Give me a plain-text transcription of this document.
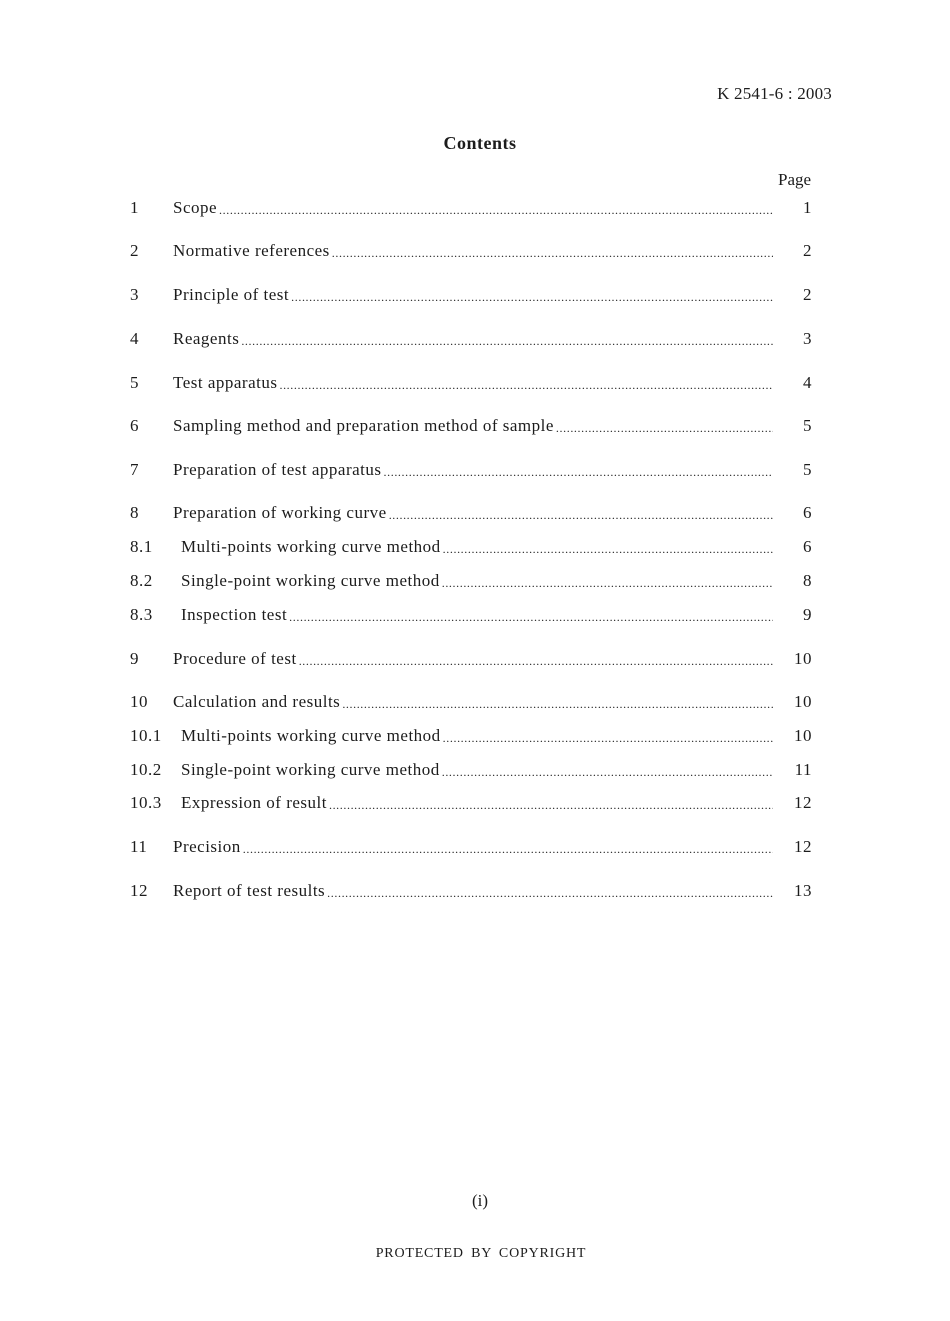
K 2541-6 : 2003
Contents
Page
1 Scope .....	1
2 Normative references .....	2
3 Principle of test .....	2
4 Reagents .....	3
5 Test apparatus .....	4
6 Sampling method and preparation method of sample .....	5
7 Preparation of test apparatus .....	5
8 Preparation of working curve .....	6
8.1 Multi-points working curve method .....	6
8.2 Single-point working curve method .....	8
8.3 Inspection test .....	9
9 Procedure of test .....	10
10 Calculation and results .....	10
10.1 Multi-points working curve method .....	10
10.2 Single-point working curve method .....	11
10.3 Expression of result .....	12
11 Precision .....	12
12 Report of test results .....	13
(i)
PROTECTED BY COPYRIGHT
